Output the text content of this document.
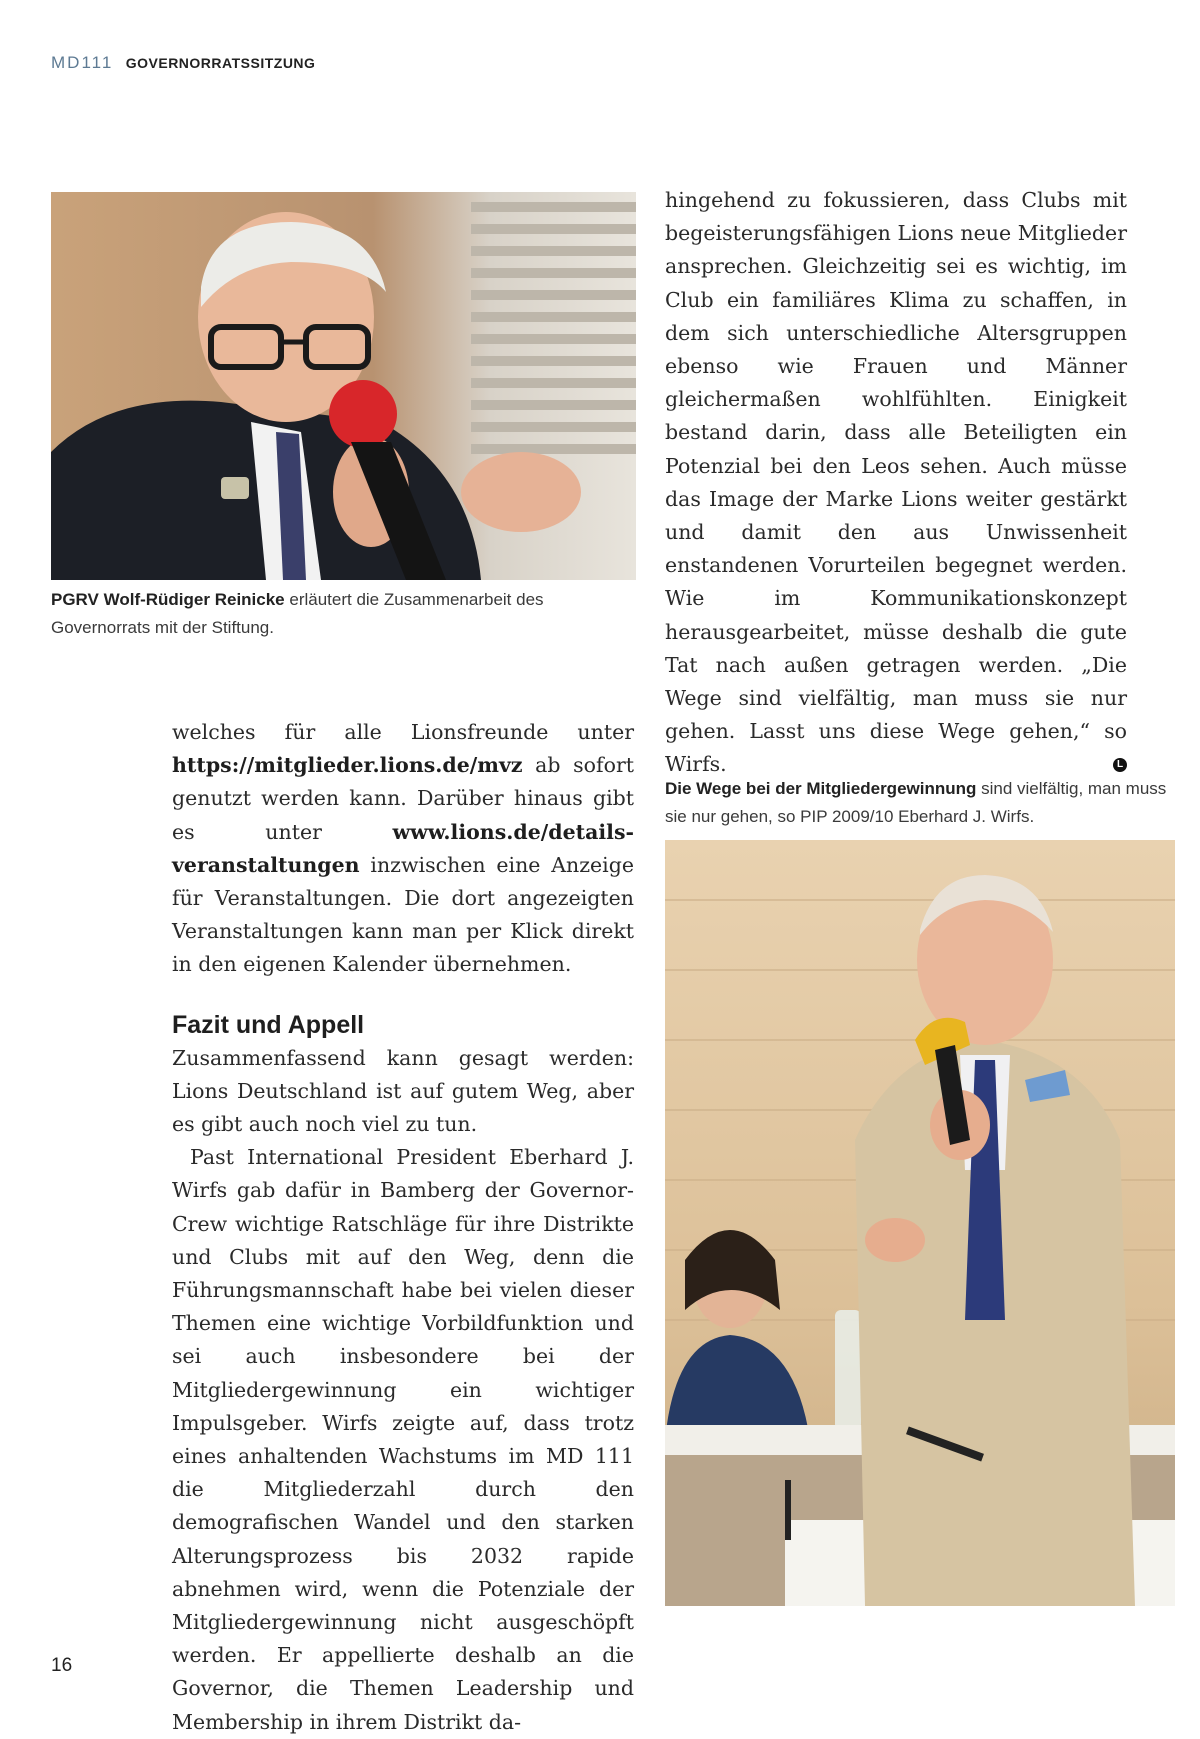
MD111 GOVERNORRATSSITZUNG
PGRV Wolf-Rüdiger Reinicke erläutert die Zusammenarbeit des Governorrats mit der Stiftung.

hingehend zu fokussieren, dass Clubs mit begeisterungsfähigen Lions neue Mitglieder ansprechen. Gleichzeitig sei es wichtig, im Club ein familiäres Klima zu schaffen, in dem sich unterschiedliche Altersgruppen ebenso wie Frauen und Männer gleichermaßen wohlfühlten. Einigkeit bestand darin, dass alle Beteiligten ein Potenzial bei den Leos sehen. Auch müsse das Image der Marke Lions weiter gestärkt und damit den aus Unwissenheit enstandenen Vorurteilen begegnet werden. Wie im Kommunikationskonzept herausgearbeitet, müsse deshalb die gute Tat nach außen getragen werden. „Die Wege sind vielfältig, man muss sie nur gehen. Lasst uns diese Wege gehen,“ so Wirfs.	L

Die Wege bei der Mitgliedergewinnung sind vielfältig, man muss sie nur gehen, so PIP 2009/10 Eberhard J. Wirfs.

welches für alle Lionsfreunde unter https://mitglieder.lions.de/mvz ab sofort genutzt werden kann. Darüber hinaus gibt es unter www.lions.de/details-veranstaltungen inzwischen eine Anzeige für Veranstaltungen. Die dort angezeigten Veranstaltungen kann man per Klick direkt in den eigenen Kalender übernehmen.

Fazit und Appell

Zusammenfassend kann gesagt werden: Lions Deutschland ist auf gutem Weg, aber es gibt auch noch viel zu tun.

Past International President Eberhard J. Wirfs gab dafür in Bamberg der Governor-Crew wichtige Ratschläge für ihre Distrikte und Clubs mit auf den Weg, denn die Führungsmannschaft habe bei vielen dieser Themen eine wichtige Vorbildfunktion und sei auch insbesondere bei der Mitgliedergewinnung ein wichtiger Impulsgeber. Wirfs zeigte auf, dass trotz eines anhaltenden Wachstums im MD 111 die Mitgliederzahl durch den demografischen Wandel und den starken Alterungsprozess bis 2032 rapide abnehmen wird, wenn die Potenziale der Mitgliedergewinnung nicht ausgeschöpft werden. Er appellierte deshalb an die Governor, die Themen Leadership und Membership in ihrem Distrikt da-

16
